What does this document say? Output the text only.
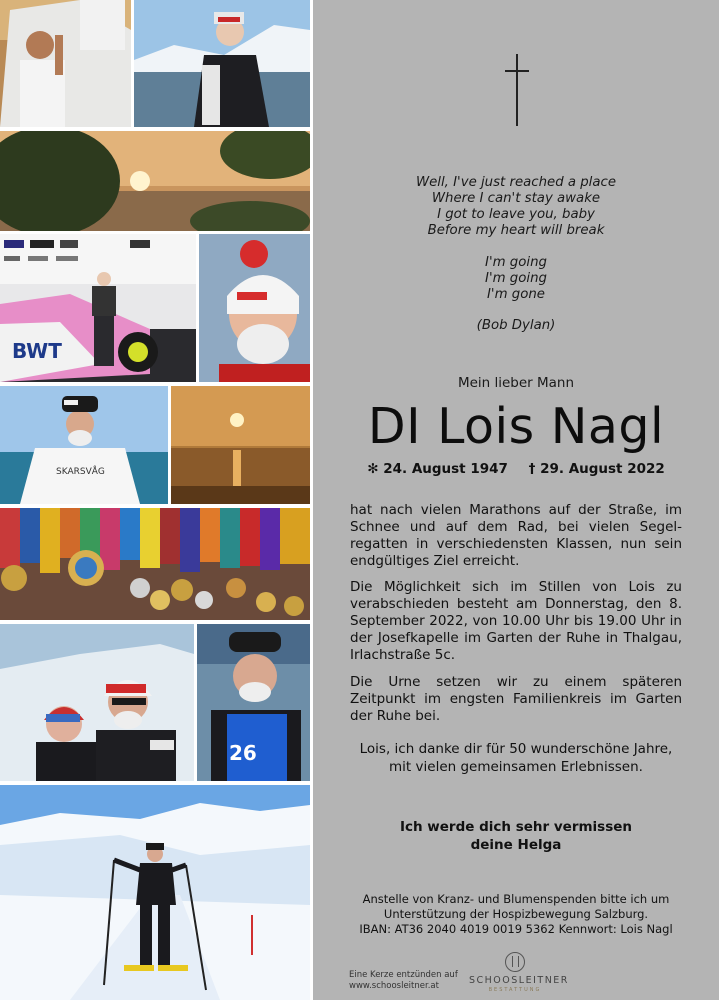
BWT
SKARSVÅG
26
Well, I've just reached a place
Where I can't stay awake
I got to leave you, baby
Before my heart will break
I'm going
I'm going
I'm gone
(Bob Dylan)
Mein lieber Mann
DI Lois Nagl
✻ 24. August 1947 † 29. August 2022
hat nach vielen Marathons auf der Straße, im Schnee und auf dem Rad, bei vielen Segel-regatten in verschiedensten Klassen, nun sein endgültiges Ziel erreicht.
Die Möglichkeit sich im Stillen von Lois zu verabschieden besteht am Donnerstag, den 8. September 2022, von 10.00 Uhr bis 19.00 Uhr in der Josefkapelle im Garten der Ruhe in Thalgau, Irlachstraße 5c.
Die Urne setzen wir zu einem späteren Zeitpunkt im engsten Familienkreis im Garten der Ruhe bei.
Lois, ich danke dir für 50 wunderschöne Jahre,
mit vielen gemeinsamen Erlebnissen.
Ich werde dich sehr vermissen
deine Helga
Anstelle von Kranz- und Blumenspenden bitte ich um
Unterstützung der Hospizbewegung Salzburg.
IBAN: AT36 2040 4019 0019 5362 Kennwort: Lois Nagl
Eine Kerze entzünden auf
www.schoosleitner.at	SCHOOSLEITNER
BESTATTUNG
